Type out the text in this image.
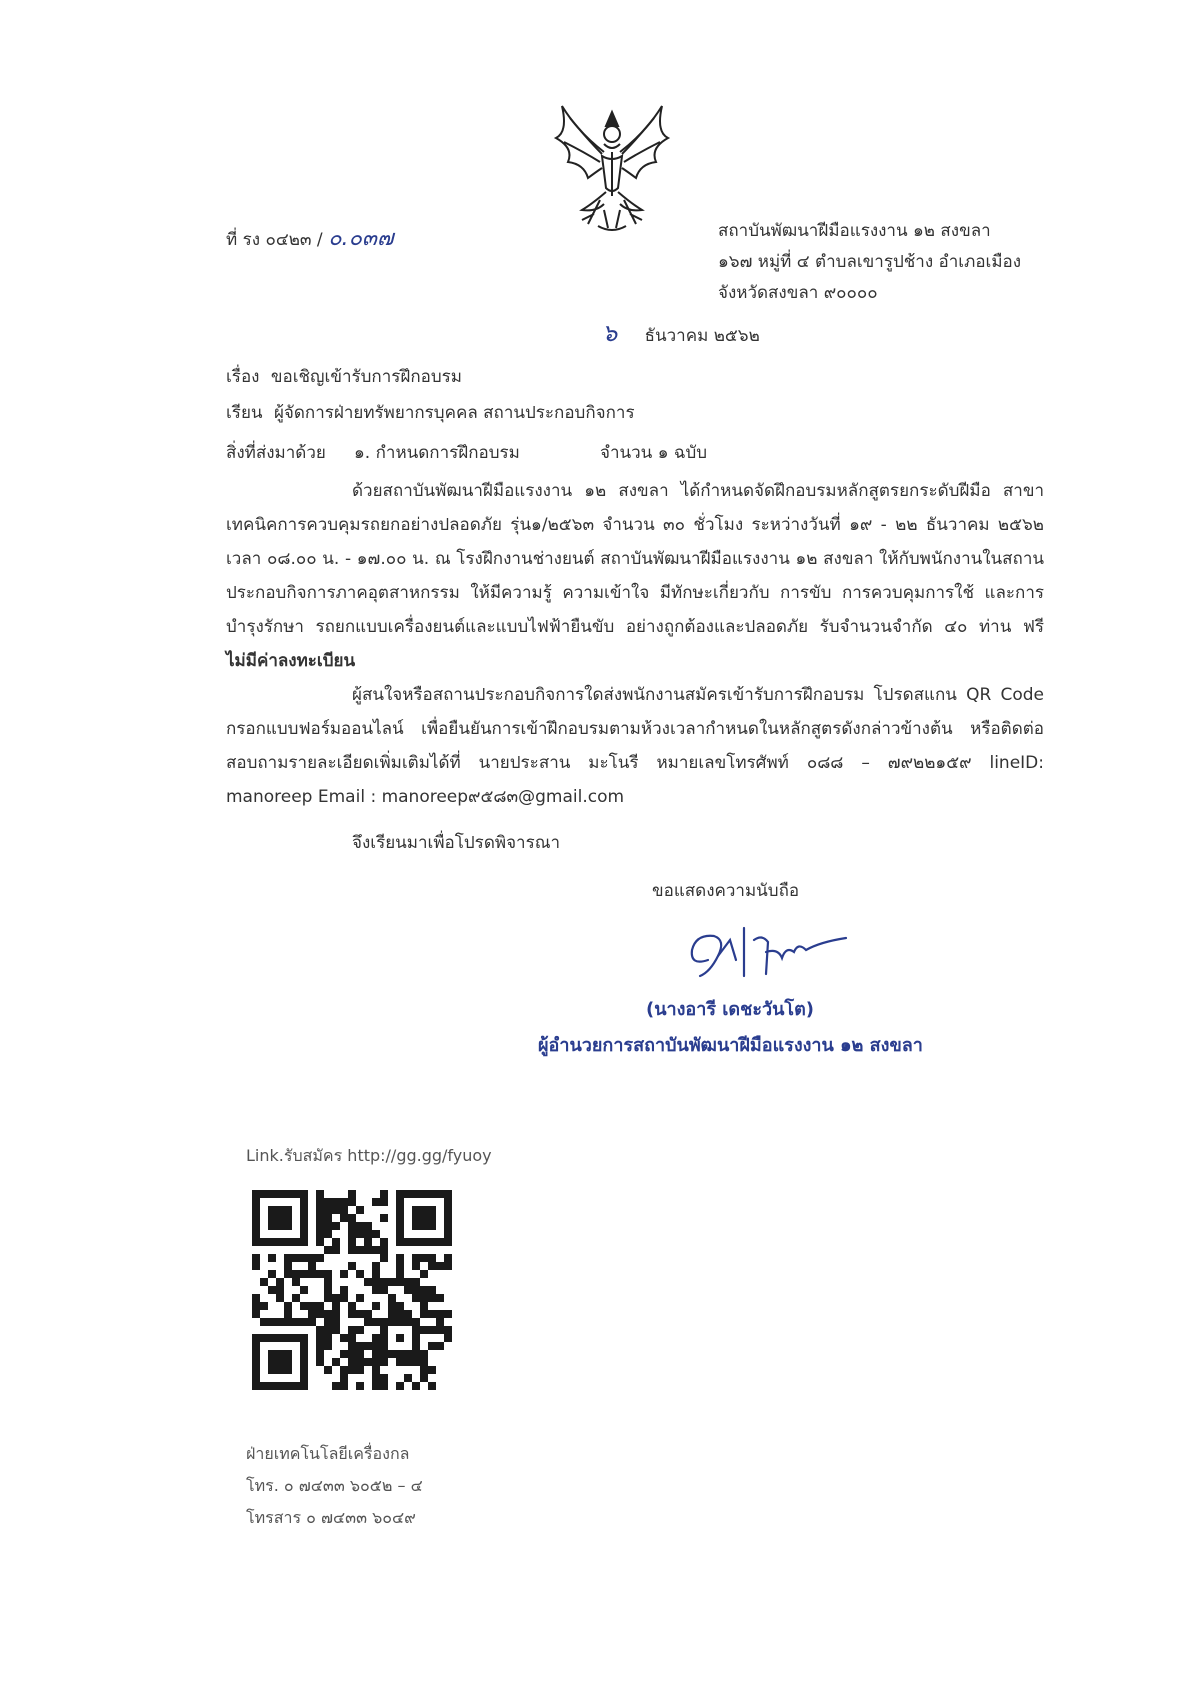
ที่ รง ๐๔๒๓ / ๐.๐๓๗	สถาบันพัฒนาฝีมือแรงงาน ๑๒ สงขลา
๑๖๗ หมู่ที่ ๔ ตำบลเขารูปช้าง อำเภอเมือง
จังหวัดสงขลา ๙๐๐๐๐
๖ ธันวาคม ๒๕๖๒
เรื่อง ขอเชิญเข้ารับการฝึกอบรม
เรียน ผู้จัดการฝ่ายทรัพยากรบุคคล สถานประกอบกิจการ
สิ่งที่ส่งมาด้วย ๑. กำหนดการฝึกอบรม	จำนวน ๑ ฉบับ
ด้วยสถาบันพัฒนาฝีมือแรงงาน ๑๒ สงขลา ได้กำหนดจัดฝึกอบรมหลักสูตรยกระดับฝีมือ สาขา
เทคนิคการควบคุมรถยกอย่างปลอดภัย รุ่น๑/๒๕๖๓ จำนวน ๓๐ ชั่วโมง ระหว่างวันที่ ๑๙ - ๒๒ ธันวาคม ๒๕๖๒
เวลา ๐๘.๐๐ น. - ๑๗.๐๐ น. ณ โรงฝึกงานช่างยนต์ สถาบันพัฒนาฝีมือแรงงาน ๑๒ สงขลา ให้กับพนักงานในสถาน
ประกอบกิจการภาคอุตสาหกรรม ให้มีความรู้ ความเข้าใจ มีทักษะเกี่ยวกับ การขับ การควบคุมการใช้ และการ
บำรุงรักษา รถยกแบบเครื่องยนต์และแบบไฟฟ้ายืนขับ อย่างถูกต้องและปลอดภัย รับจำนวนจำกัด ๔๐ ท่าน ฟรี
ไม่มีค่าลงทะเบียน
ผู้สนใจหรือสถานประกอบกิจการใดส่งพนักงานสมัครเข้ารับการฝึกอบรม โปรดสแกน QR Code
กรอกแบบฟอร์มออนไลน์ เพื่อยืนยันการเข้าฝึกอบรมตามห้วงเวลากำหนดในหลักสูตรดังกล่าวข้างต้น หรือติดต่อ
สอบถามรายละเอียดเพิ่มเติมได้ที่ นายประสาน มะโนรี หมายเลขโทรศัพท์ ๐๘๘ – ๗๙๒๒๑๕๙ lineID:
manoreep Email : manoreep๙๕๘๓@gmail.com
จึงเรียนมาเพื่อโปรดพิจารณา
ขอแสดงความนับถือ
(นางอารี เดชะวันโต)
ผู้อำนวยการสถาบันพัฒนาฝีมือแรงงาน ๑๒ สงขลา
Link.รับสมัคร http://gg.gg/fyuoy
ฝ่ายเทคโนโลยีเครื่องกล
โทร. ๐ ๗๔๓๓ ๖๐๕๒ – ๔
โทรสาร ๐ ๗๔๓๓ ๖๐๔๙
